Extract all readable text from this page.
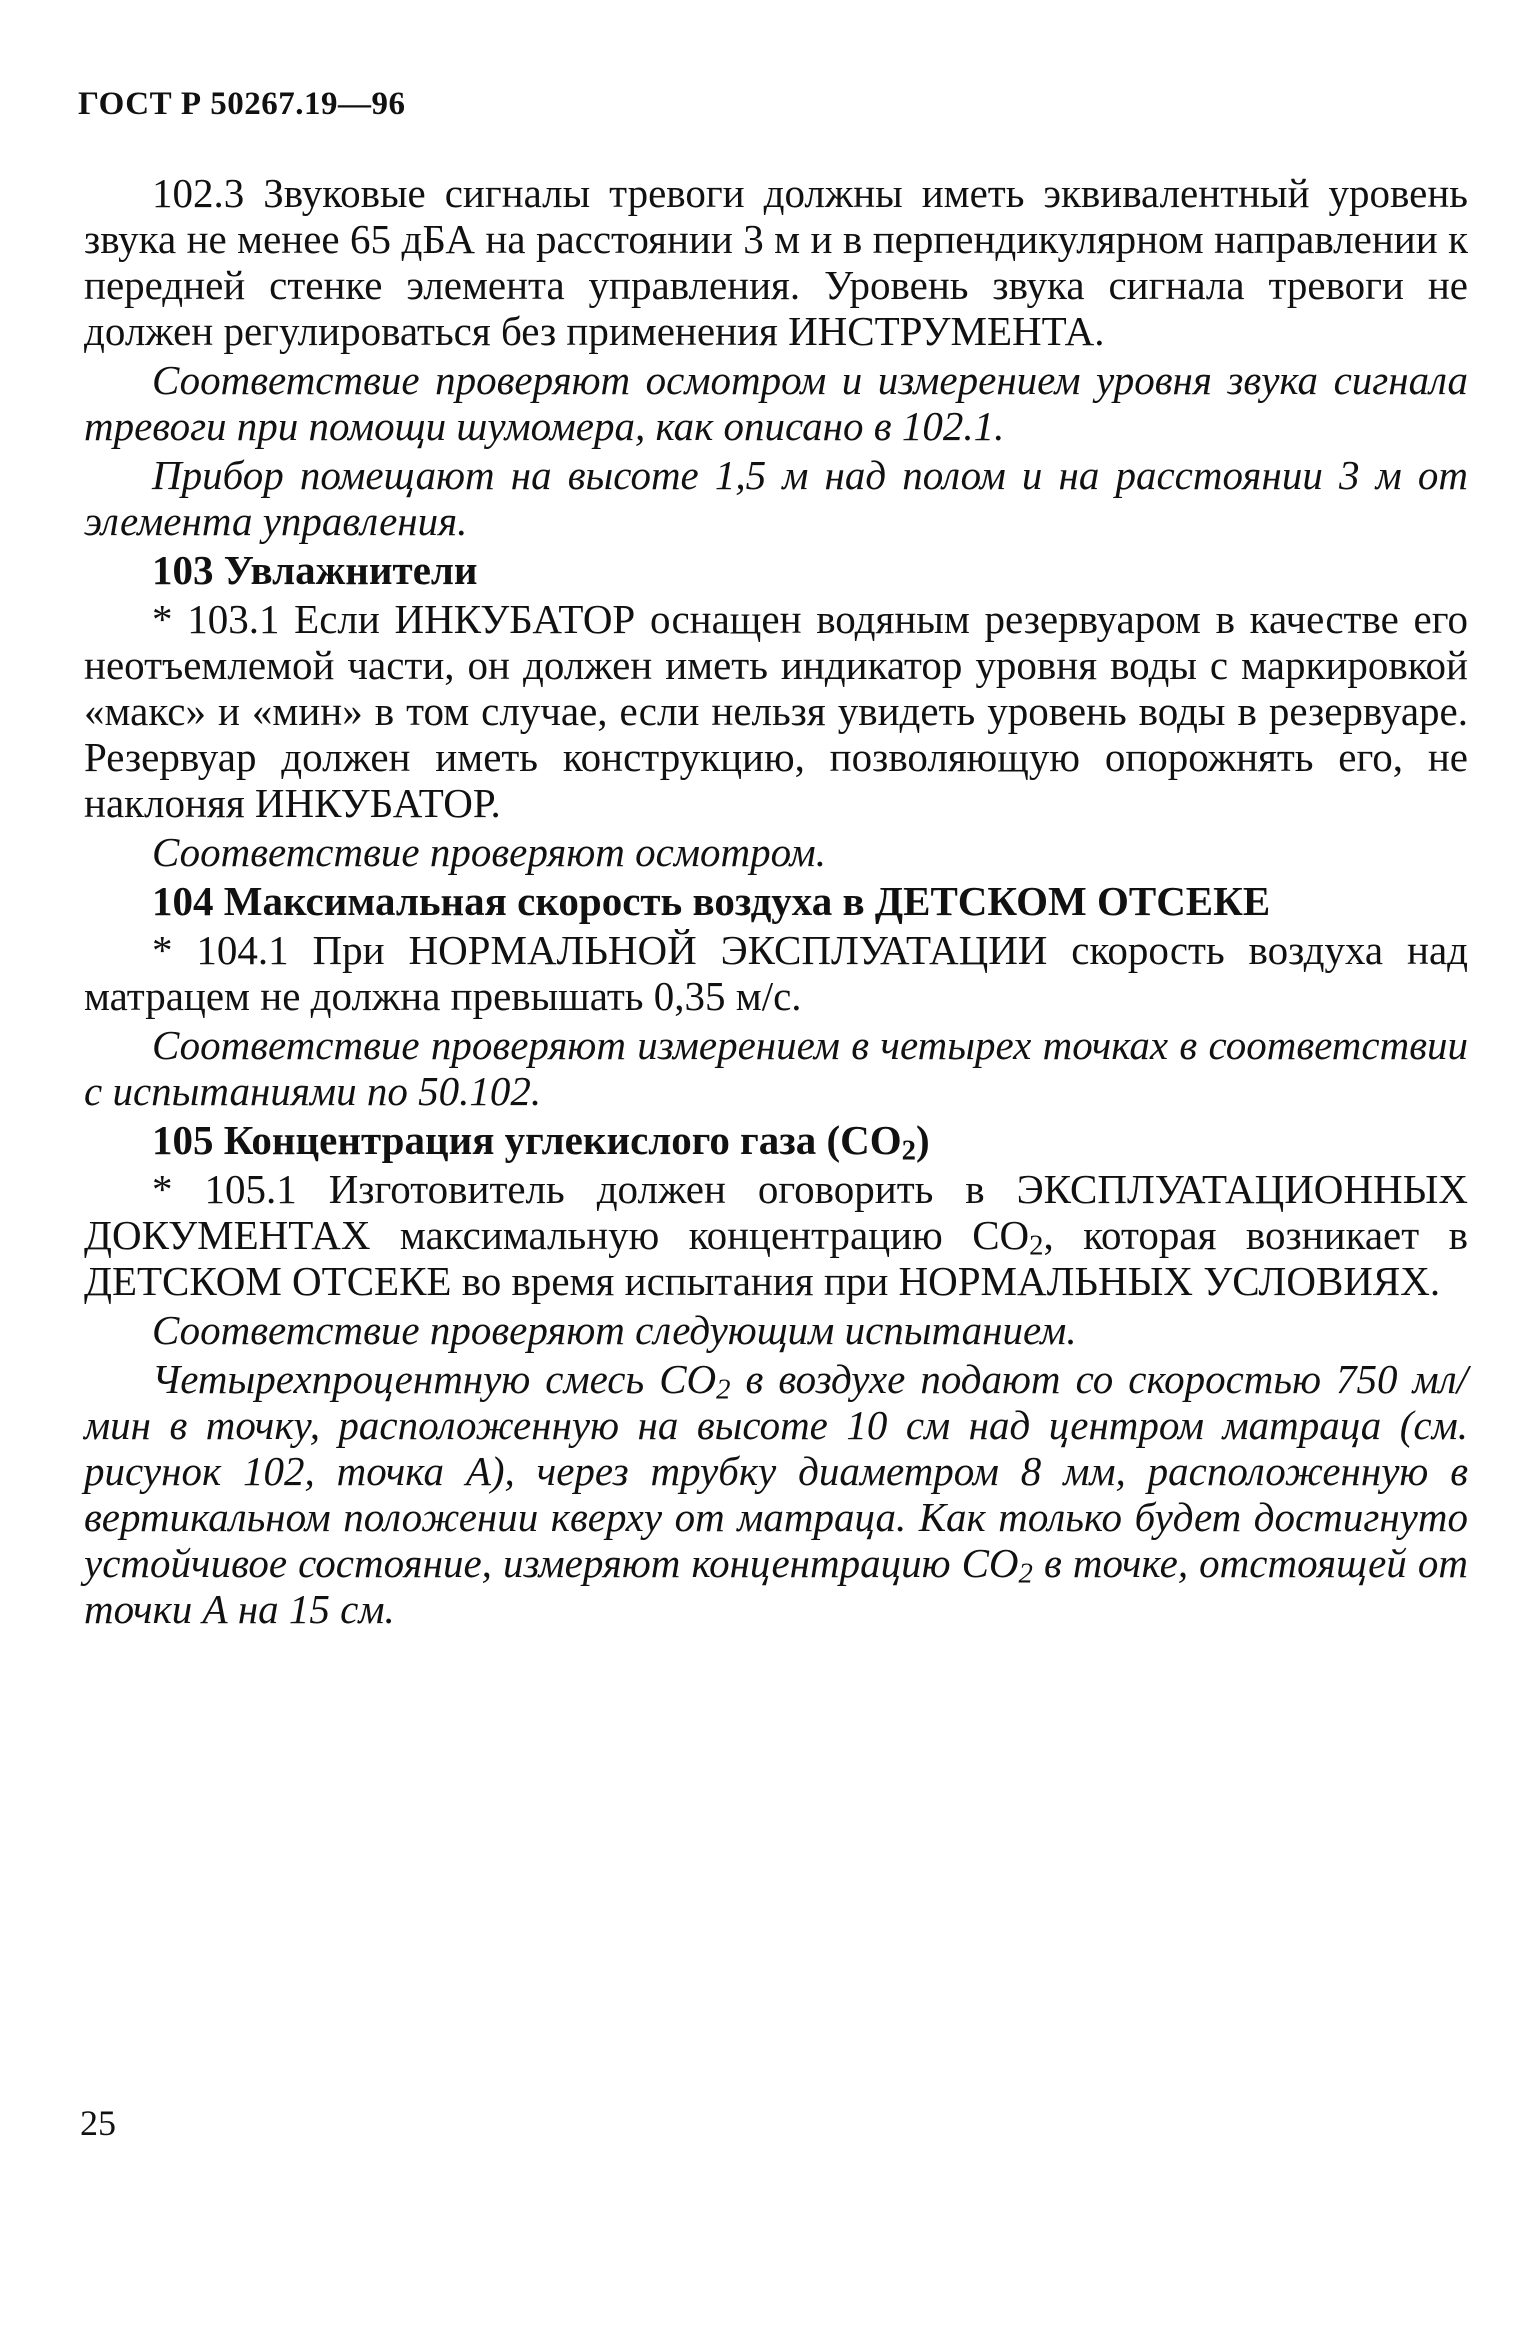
ГОСТ Р 50267.19—96

102.3 Звуковые сигналы тревоги должны иметь эквивалентный уровень звука не менее 65 дБА на расстоянии 3 м и в перпендикулярном направлении к передней стенке элемента управления. Уровень звука сигнала тревоги не должен регулироваться без применения ИНСТРУМЕНТА.

Соответствие проверяют осмотром и измерением уровня звука сигнала тревоги при помощи шумомера, как описано в 102.1.

Прибор помещают на высоте 1,5 м над полом и на расстоянии 3 м от элемента управления.

103 Увлажнители

* 103.1 Если ИНКУБАТОР оснащен водяным резервуаром в качестве его неотъемлемой части, он должен иметь индикатор уровня воды с маркировкой «макс» и «мин» в том случае, если нельзя увидеть уровень воды в резервуаре. Резервуар должен иметь конструкцию, позволяющую опорожнять его, не наклоняя ИНКУБАТОР.

Соответствие проверяют осмотром.

104 Максимальная скорость воздуха в ДЕТСКОМ ОТСЕКЕ

* 104.1 При НОРМАЛЬНОЙ ЭКСПЛУАТАЦИИ скорость воздуха над матрацем не должна превышать 0,35 м/с.

Соответствие проверяют измерением в четырех точках в соответствии с испытаниями по 50.102.

105 Концентрация углекислого газа $(CO_2)$

* 105.1 Изготовитель должен оговорить в ЭКСПЛУАТАЦИОННЫХ ДОКУМЕНТАХ максимальную концентрацию $CO_2$, которая возникает в ДЕТСКОМ ОТСЕКЕ во время испытания при НОРМАЛЬНЫХ УСЛОВИЯХ.

Соответствие проверяют следующим испытанием.

Четырехпроцентную смесь $CO_2$ в воздухе подают со скоростью 750 мл/мин в точку, расположенную на высоте 10 см над центром матраца (см. рисунок 102, точка А), через трубку диаметром 8 мм, расположенную в вертикальном положении кверху от матраца. Как только будет достигнуто устойчивое состояние, измеряют концентрацию $CO_2$ в точке, отстоящей от точки А на 15 см.

25
